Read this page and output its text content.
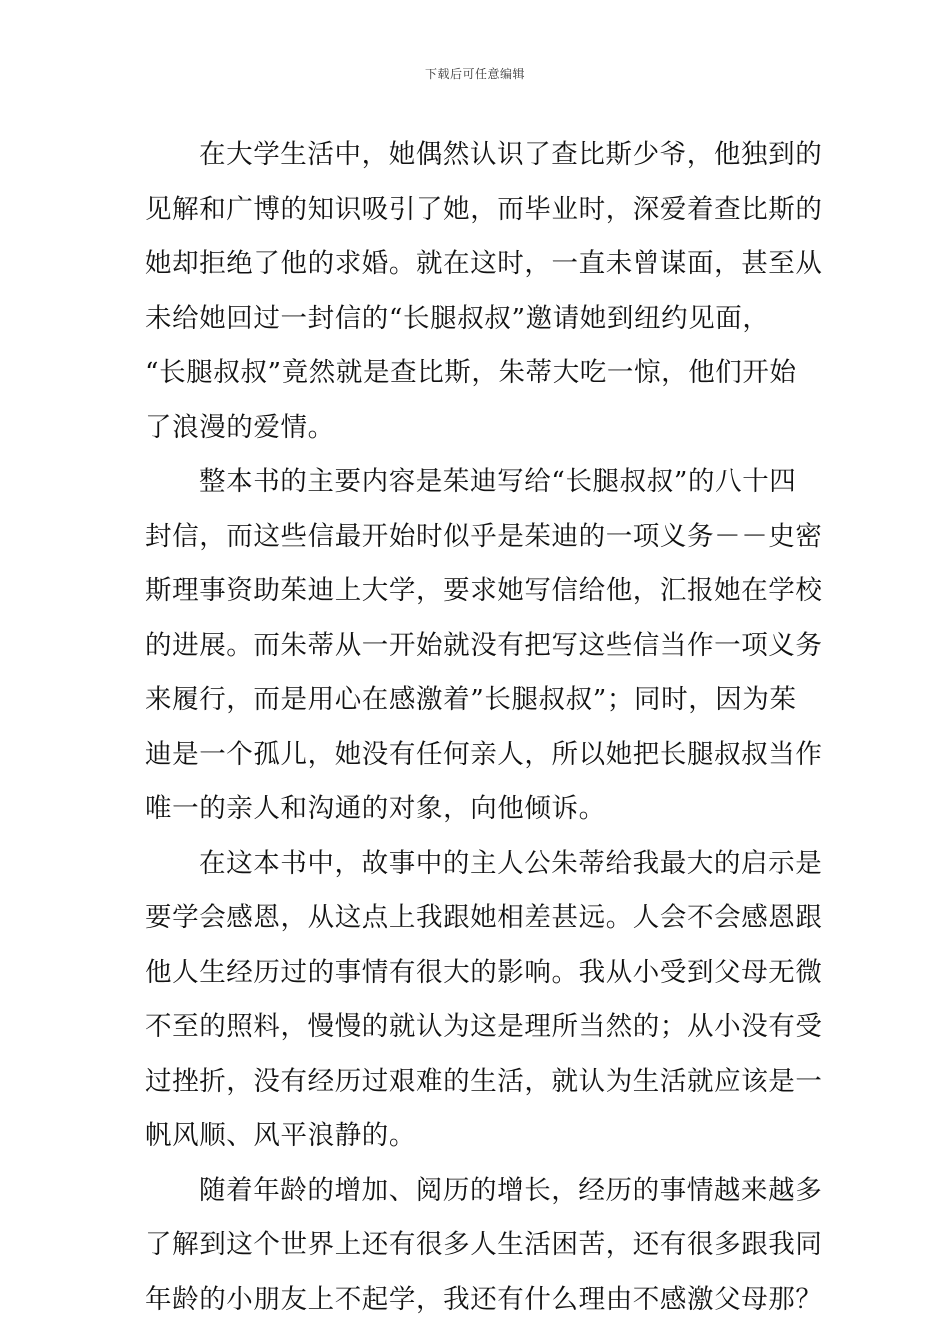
下载后可任意编辑

在大学生活中，她偶然认识了查比斯少爷，他独到的
见解和广博的知识吸引了她，而毕业时，深爱着查比斯的
她却拒绝了他的求婚。就在这时，一直未曾谋面，甚至从
未给她回过一封信的“长腿叔叔”邀请她到纽约见面，
“长腿叔叔”竟然就是查比斯，朱蒂大吃一惊，他们开始
了浪漫的爱情。

整本书的主要内容是茱迪写给“长腿叔叔”的八十四
封信，而这些信最开始时似乎是茱迪的一项义务－－史密
斯理事资助茱迪上大学，要求她写信给他，汇报她在学校
的进展。而朱蒂从一开始就没有把写这些信当作一项义务
来履行，而是用心在感激着”长腿叔叔”；同时，因为茱
迪是一个孤儿，她没有任何亲人，所以她把长腿叔叔当作
唯一的亲人和沟通的对象，向他倾诉。

在这本书中，故事中的主人公朱蒂给我最大的启示是
要学会感恩，从这点上我跟她相差甚远。人会不会感恩跟
他人生经历过的事情有很大的影响。我从小受到父母无微
不至的照料，慢慢的就认为这是理所当然的；从小没有受
过挫折，没有经历过艰难的生活，就认为生活就应该是一
帆风顺、风平浪静的。

随着年龄的增加、阅历的增长，经历的事情越来越多
了解到这个世界上还有很多人生活困苦，还有很多跟我同
年龄的小朋友上不起学，我还有什么理由不感激父母那？
